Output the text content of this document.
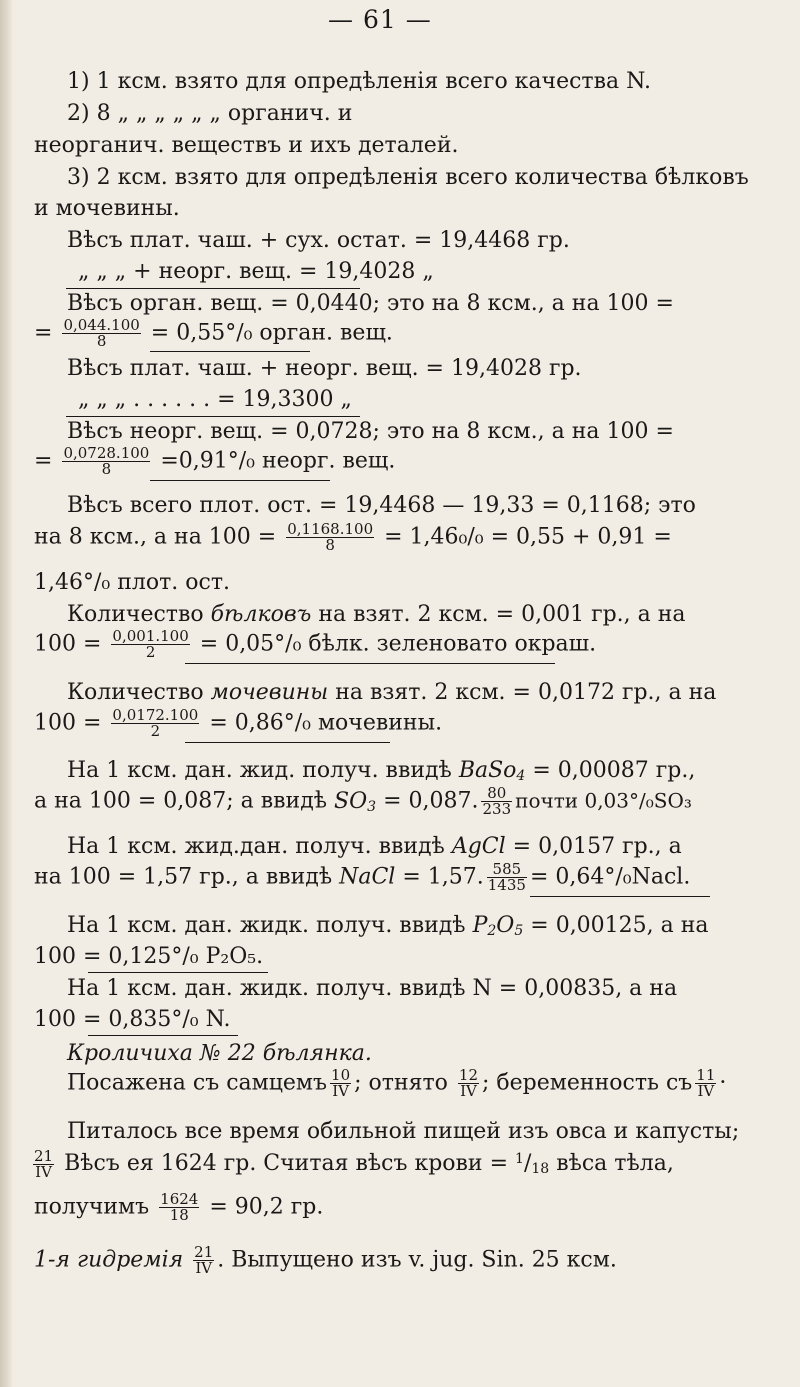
— 61 —
1) 1 ксм. взято для опредѣленія всего качества N.
2) 8 „ „ „ „ „ „ органич. и
неорганич. веществъ и ихъ деталей.
3) 2 ксм. взято для опредѣленія всего количества бѣлковъ
и мочевины.
Вѣсъ плат. чаш. + сух. остат. = 19,4468 гр.
„ „ „ + неорг. вещ. = 19,4028 „
Вѣсъ орган. вещ. = 0,0440; это на 8 ксм., а на 100 =
= $\frac{0,044.100}{8} = 0,55^\circ/_0$ орган. вещ.
Вѣсъ плат. чаш. + неорг. вещ. = 19,4028 гр.
„ „ „ . . . . . . = 19,3300 „
Вѣсъ неорг. вещ. = 0,0728; это на 8 ксм., а на 100 =
= $\frac{0,0728.100}{8} =0,91^\circ/_0$ неорг. вещ.
Вѣсъ всего плот. ост. = 19,4468 — 19,33 = 0,1168; это
на 8 ксм., а на $100 = \frac{0,1168.100}{8} = 1,46_0/_0 = 0,55 + 0,91$ =
1,46°/₀ плот. ост.
Количество бѣлковъ на взят. 2 ксм. = 0,001 гр., а на
$100 = \frac{0,001.100}{2} = 0,05^\circ/_0$ бѣлк. зеленовато окраш.
Количество мочевины на взят. 2 ксм. = 0,0172 гр., а на
$100 = \frac{0,0172.100}{2} = 0,86^\circ/_0$ мочевины.
На 1 ксм. дан. жид. получ. ввидѣ BaSo$_4$ = 0,00087 гр.,
а на 100 = 0,087; а ввидѣ $SO_3 = 0,087$. $\frac{80}{233}$ почти 0,03°/₀SO₃
На 1 ксм. жид.дан. получ. ввидѣ AgCl = 0,0157 гр., а
на 100 = 1,57 гр., а ввидѣ NaCl = 1,57. $\frac{585}{1435}$ = 0,64°/₀Nacl.
На 1 ксм. дан. жидк. получ. ввидѣ $P_2O_5 = 0,00125$, а на
100 = 0,125°/₀ P₂O₅.
На 1 ксм. дан. жидк. получ. ввидѣ N = 0,00835, а на
100 = 0,835°/₀ N.
Кроличиха № 22 бѣлянка.
Посажена съ самцемъ $\frac{10}{IV}$ ; отнято $\frac{12}{IV}$ ; беременность съ $\frac{11}{IV}$ ·
Питалось все время обильной пищей изъ овса и капусты;
$\frac{21}{IV}$ Вѣсъ ея 1624 гр. Считая вѣсъ крови = $^1/_{18}$ вѣса тѣла,
получимъ $\frac{1624}{18} = 90,2$ гр.
1-я гидремія $\frac{21}{IV}$ . Выпущено изъ v. jug. Sin. 25 ксм.
